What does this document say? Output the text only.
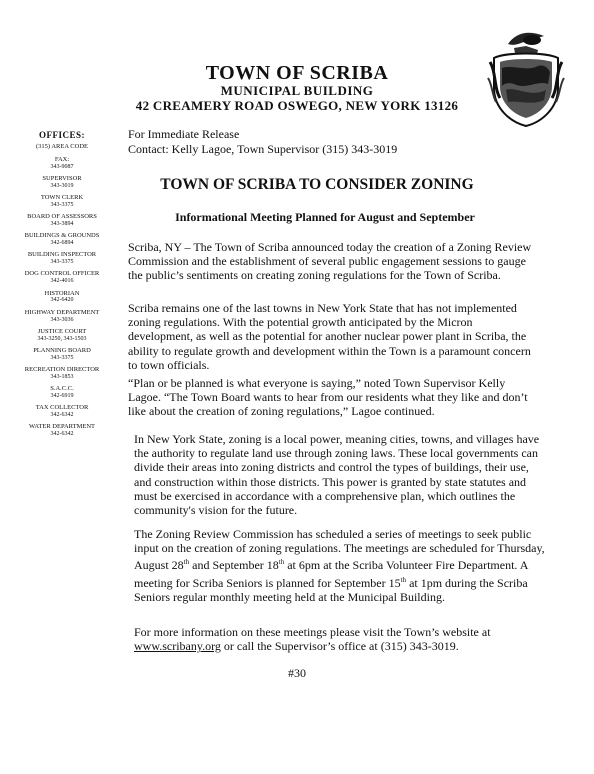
TOWN OF SCRIBA
MUNICIPAL BUILDING
42 CREAMERY ROAD OSWEGO, NEW YORK 13126
OFFICES:
(315) AREA CODE
FAX:
343-9087
SUPERVISOR
343-3019
TOWN CLERK
343-3375
BOARD OF ASSESSORS
343-3894
BUILDINGS & GROUNDS
342-6894
BUILDING INSPECTOR
343-3375
DOG CONTROL OFFICER
342-4016
HISTORIAN
342-6420
HIGHWAY DEPARTMENT
343-3036
JUSTICE COURT
343-3250, 343-1503
PLANNING BOARD
343-3375
RECREATION DIRECTOR
343-1853
S.A.C.C.
342-6919
TAX COLLECTOR
342-6342
WATER DEPARTMENT
342-6342
For Immediate Release
Contact: Kelly Lagoe, Town Supervisor (315) 343-3019
TOWN OF SCRIBA TO CONSIDER ZONING
Informational Meeting Planned for August and September
Scriba, NY – The Town of Scriba announced today the creation of a Zoning Review Commission and the establishment of several public engagement sessions to gauge the public’s sentiments on creating zoning regulations for the Town of Scriba.
Scriba remains one of the last towns in New York State that has not implemented zoning regulations. With the potential growth anticipated by the Micron development, as well as the potential for another nuclear power plant in Scriba, the ability to regulate growth and development within the Town is a paramount concern to town officials.
“Plan or be planned is what everyone is saying,” noted Town Supervisor Kelly Lagoe. “The Town Board wants to hear from our residents what they like and don’t like about the creation of zoning regulations,” Lagoe continued.
In New York State, zoning is a local power, meaning cities, towns, and villages have the authority to regulate land use through zoning laws. These local governments can divide their areas into zoning districts and control the types of buildings, their use, and construction within those districts. This power is granted by state statutes and must be exercised in accordance with a comprehensive plan, which outlines the community's vision for the future.
The Zoning Review Commission has scheduled a series of meetings to seek public input on the creation of zoning regulations. The meetings are scheduled for Thursday, August 28th and September 18th at 6pm at the Scriba Volunteer Fire Department. A meeting for Scriba Seniors is planned for September 15th at 1pm during the Scriba Seniors regular monthly meeting held at the Municipal Building.
For more information on these meetings please visit the Town’s website at www.scribany.org or call the Supervisor’s office at (315) 343-3019.
#30
